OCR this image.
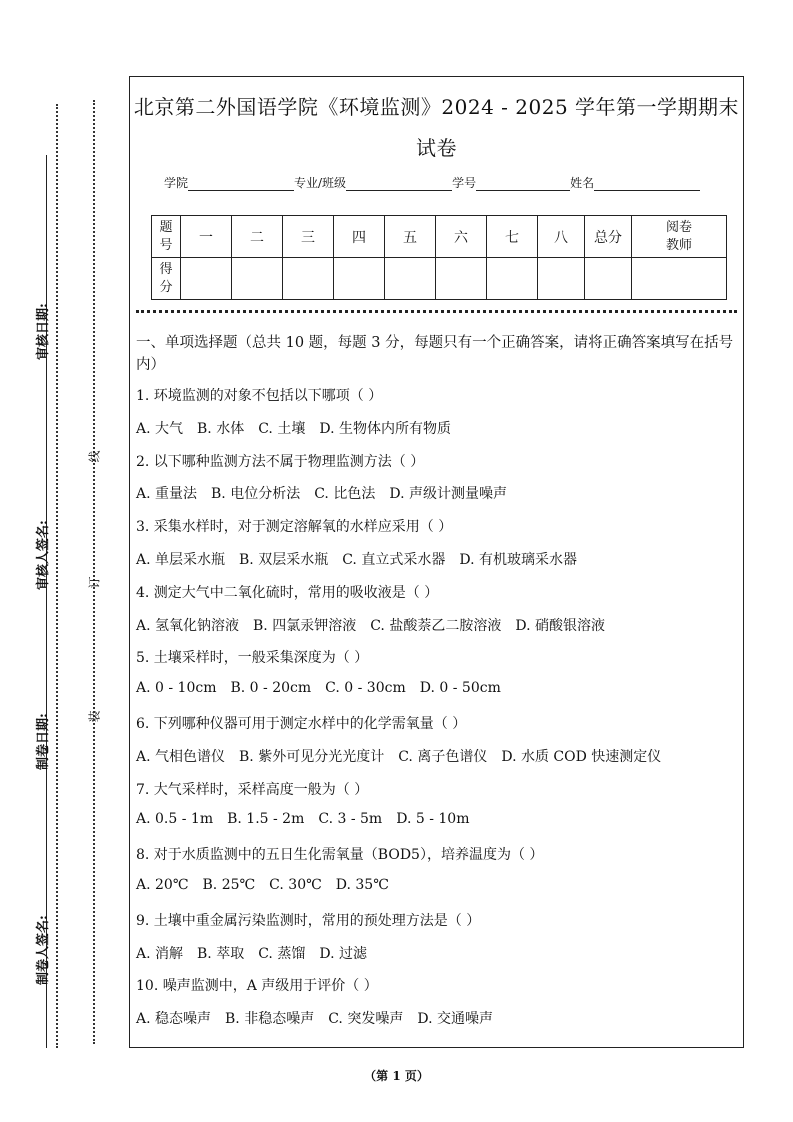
审核日期:
审核人签名:
制卷日期:
制卷人签名:
线
订
装
北京第二外国语学院《环境监测》2024 - 2025 学年第一学期期末
试卷
学院	专业/班级	学号	姓名
题号	一	二	三	四	五	六	七	八	总分	阅卷教师

得分										

一、单项选择题（总共 10 题，每题 3 分，每题只有一个正确答案，请将正确答案填写在括号内）
1. 环境监测的对象不包括以下哪项（ ）
A. 大气 B. 水体 C. 土壤 D. 生物体内所有物质
2. 以下哪种监测方法不属于物理监测方法（ ）
A. 重量法 B. 电位分析法 C. 比色法 D. 声级计测量噪声
3. 采集水样时，对于测定溶解氧的水样应采用（ ）
A. 单层采水瓶 B. 双层采水瓶 C. 直立式采水器 D. 有机玻璃采水器
4. 测定大气中二氧化硫时，常用的吸收液是（ ）
A. 氢氧化钠溶液 B. 四氯汞钾溶液 C. 盐酸萘乙二胺溶液 D. 硝酸银溶液
5. 土壤采样时，一般采集深度为（ ）
A. 0 - 10cm B. 0 - 20cm C. 0 - 30cm D. 0 - 50cm
6. 下列哪种仪器可用于测定水样中的化学需氧量（ ）
A. 气相色谱仪 B. 紫外可见分光光度计 C. 离子色谱仪 D. 水质 COD 快速测定仪
7. 大气采样时，采样高度一般为（ ）
A. 0.5 - 1m B. 1.5 - 2m C. 3 - 5m D. 5 - 10m
8. 对于水质监测中的五日生化需氧量（BOD5），培养温度为（ ）
A. 20℃ B. 25℃ C. 30℃ D. 35℃
9. 土壤中重金属污染监测时，常用的预处理方法是（ ）
A. 消解 B. 萃取 C. 蒸馏 D. 过滤
10. 噪声监测中，A 声级用于评价（ ）
A. 稳态噪声 B. 非稳态噪声 C. 突发噪声 D. 交通噪声
（第 1 页）
